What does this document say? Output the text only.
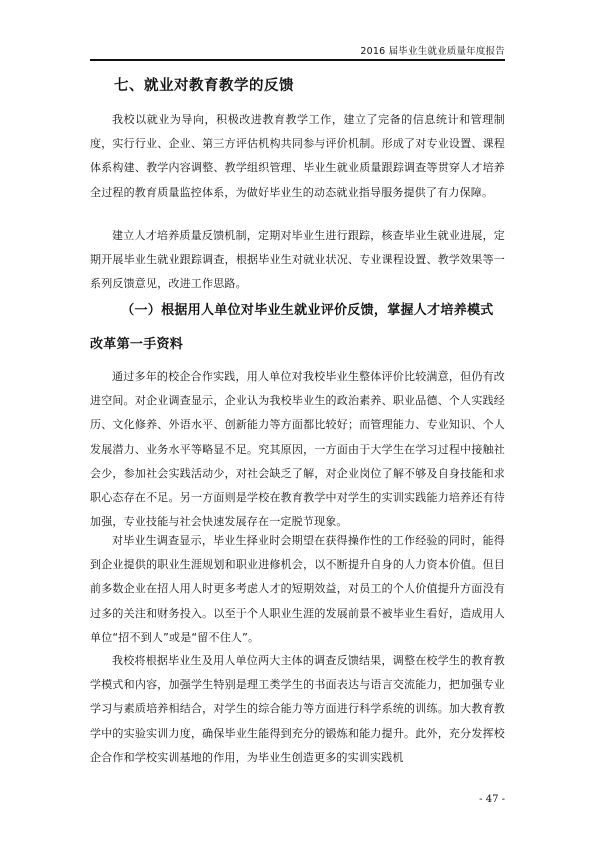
2016 届毕业生就业质量年度报告
七、就业对教育教学的反馈
我校以就业为导向，积极改进教育教学工作，建立了完备的信息统计和管理制度，实行行业、企业、第三方评估机构共同参与评价机制。形成了对专业设置、课程体系构建、教学内容调整、教学组织管理、毕业生就业质量跟踪调查等贯穿人才培养全过程的教育质量监控体系，为做好毕业生的动态就业指导服务提供了有力保障。
建立人才培养质量反馈机制，定期对毕业生进行跟踪，核查毕业生就业进展，定期开展毕业生就业跟踪调查，根据毕业生对就业状况、专业课程设置、教学效果等一系列反馈意见，改进工作思路。
（一）根据用人单位对毕业生就业评价反馈，掌握人才培养模式改革第一手资料
通过多年的校企合作实践，用人单位对我校毕业生整体评价比较满意，但仍有改进空间。对企业调查显示，企业认为我校毕业生的政治素养、职业品德、个人实践经历、文化修养、外语水平、创新能力等方面都比较好；而管理能力、专业知识、个人发展潜力、业务水平等略显不足。究其原因，一方面由于大学生在学习过程中接触社会少，参加社会实践活动少，对社会缺乏了解，对企业岗位了解不够及自身技能和求职心态存在不足。另一方面则是学校在教育教学中对学生的实训实践能力培养还有待加强，专业技能与社会快速发展存在一定脱节现象。
对毕业生调查显示，毕业生择业时会期望在获得操作性的工作经验的同时，能得到企业提供的职业生涯规划和职业进修机会，以不断提升自身的人力资本价值。但目前多数企业在招人用人时更多考虑人才的短期效益，对员工的个人价值提升方面没有过多的关注和财务投入。以至于个人职业生涯的发展前景不被毕业生看好，造成用人单位“招不到人”或是“留不住人”。
我校将根据毕业生及用人单位两大主体的调查反馈结果，调整在校学生的教育教学模式和内容，加强学生特别是理工类学生的书面表达与语言交流能力，把加强专业学习与素质培养相结合，对学生的综合能力等方面进行科学系统的训练。加大教育教学中的实验实训力度，确保毕业生能得到充分的锻炼和能力提升。此外，充分发挥校企合作和学校实训基地的作用，为毕业生创造更多的实训实践机
- 47 -
